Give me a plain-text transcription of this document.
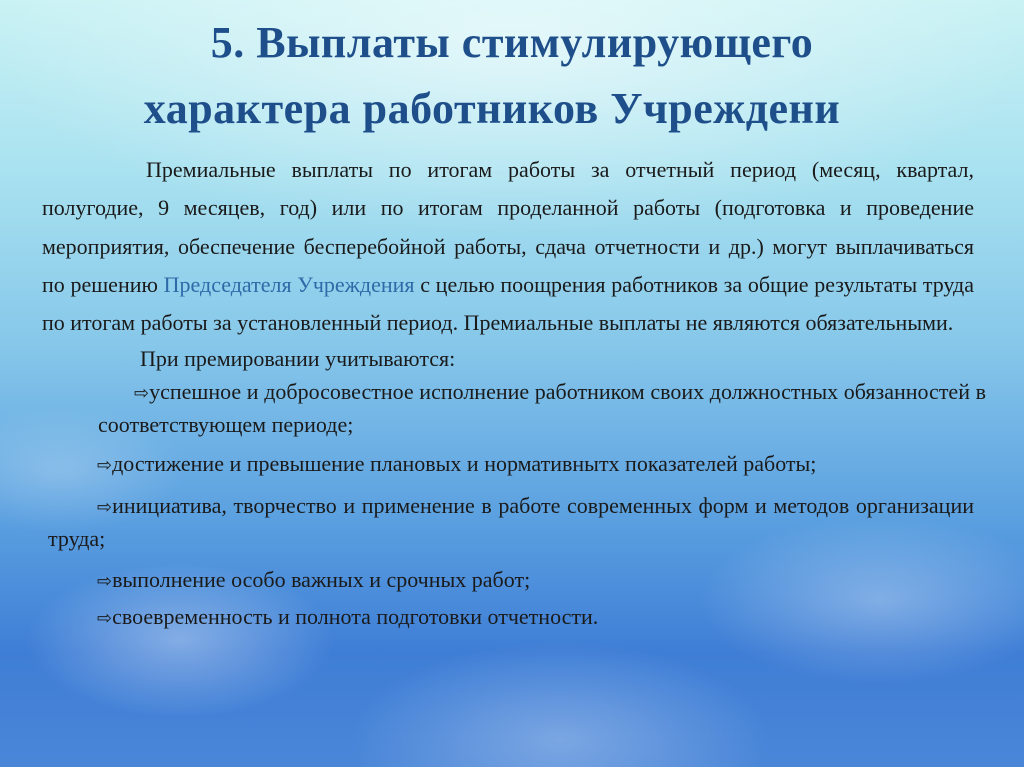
5. Выплаты стимулирующего

характера работников Учреждени

Премиальные выплаты по итогам работы за отчетный период (месяц, квартал, полугодие, 9 месяцев, год) или по итогам проделанной работы (подготовка и проведение мероприятия, обеспечение бесперебойной работы, сдача отчетности и др.) могут выплачиваться по решению Председателя Учреждения с целью поощрения работников за общие результаты труда по итогам работы за установленный период. Премиальные выплаты не являются обязательными.

При премировании учитываются:

⇨успешное и добросовестное исполнение работником своих должностных обязанностей в соответствующем периоде;

⇨достижение и превышение плановых и нормативнытх показателей работы;

⇨инициатива, творчество и применение в работе современных форм и методов организации труда;

⇨выполнение особо важных и срочных работ;

⇨своевременность и полнота подготовки отчетности.
